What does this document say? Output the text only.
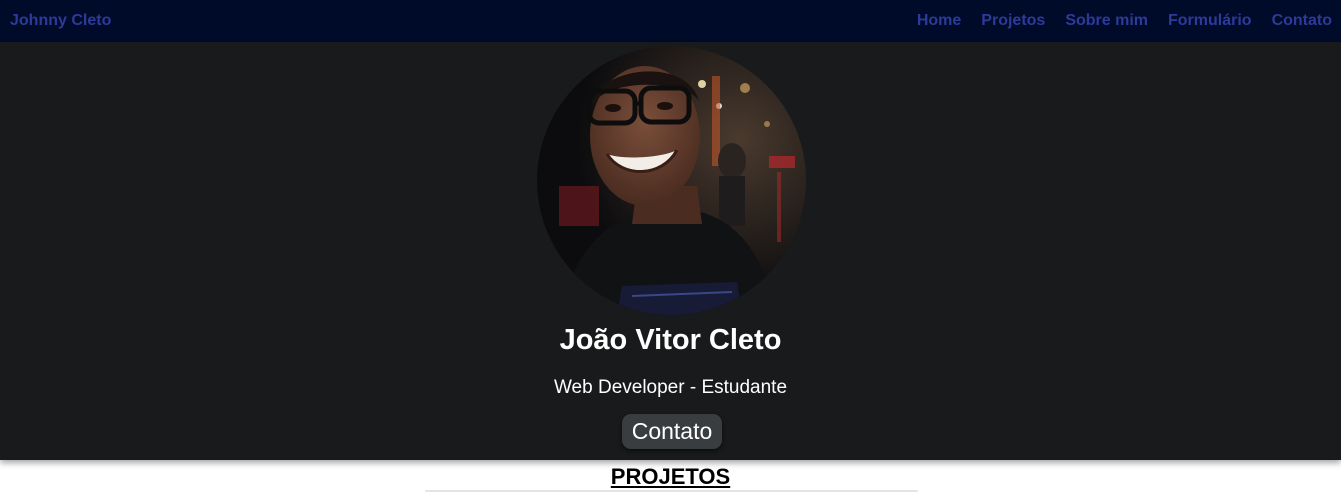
Johnny Cleto	Home Projetos Sobre mim Formulário Contato
João Vitor Cleto

Web Developer - Estudante

Contato
PROJETOS
